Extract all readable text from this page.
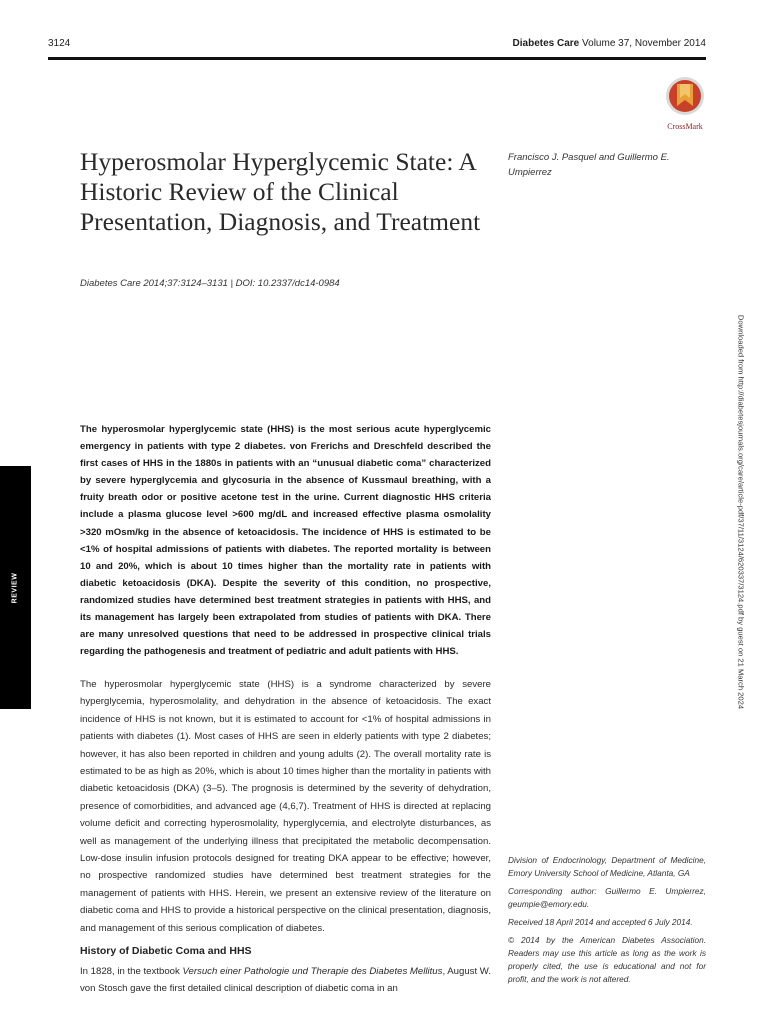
3124	Diabetes Care Volume 37, November 2014
CrossMark
Hyperosmolar Hyperglycemic State: A Historic Review of the Clinical Presentation, Diagnosis, and Treatment
Diabetes Care 2014;37:3124–3131 | DOI: 10.2337/dc14-0984
Francisco J. Pasquel and Guillermo E. Umpierrez
REVIEW	Downloaded from http://diabetesjournals.org/care/article-pdf/37/11/3124/620337/3124.pdf by guest on 21 March 2024

The hyperosmolar hyperglycemic state (HHS) is the most serious acute hyperglycemic emergency in patients with type 2 diabetes. von Frerichs and Dreschfeld described the first cases of HHS in the 1880s in patients with an “unusual diabetic coma” characterized by severe hyperglycemia and glycosuria in the absence of Kussmaul breathing, with a fruity breath odor or positive acetone test in the urine. Current diagnostic HHS criteria include a plasma glucose level >600 mg/dL and increased effective plasma osmolality >320 mOsm/kg in the absence of ketoacidosis. The incidence of HHS is estimated to be <1% of hospital admissions of patients with diabetes. The reported mortality is between 10 and 20%, which is about 10 times higher than the mortality rate in patients with diabetic ketoacidosis (DKA). Despite the severity of this condition, no prospective, randomized studies have determined best treatment strategies in patients with HHS, and its management has largely been extrapolated from studies of patients with DKA. There are many unresolved questions that need to be addressed in prospective clinical trials regarding the pathogenesis and treatment of pediatric and adult patients with HHS.

The hyperosmolar hyperglycemic state (HHS) is a syndrome characterized by severe hyperglycemia, hyperosmolality, and dehydration in the absence of ketoacidosis. The exact incidence of HHS is not known, but it is estimated to account for <1% of hospital admissions in patients with diabetes (1). Most cases of HHS are seen in elderly patients with type 2 diabetes; however, it has also been reported in children and young adults (2). The overall mortality rate is estimated to be as high as 20%, which is about 10 times higher than the mortality in patients with diabetic ketoacidosis (DKA) (3–5). The prognosis is determined by the severity of dehydration, presence of comorbidities, and advanced age (4,6,7). Treatment of HHS is directed at replacing volume deficit and correcting hyperosmolality, hyperglycemia, and electrolyte disturbances, as well as management of the underlying illness that precipitated the metabolic decompensation. Low-dose insulin infusion protocols designed for treating DKA appear to be effective; however, no prospective randomized studies have determined best treatment strategies for the management of patients with HHS. Herein, we present an extensive review of the literature on diabetic coma and HHS to provide a historical perspective on the clinical presentation, diagnosis, and management of this serious complication of diabetes.

History of Diabetic Coma and HHS

In 1828, in the textbook Versuch einer Pathologie und Therapie des Diabetes Mellitus, August W. von Stosch gave the first detailed clinical description of diabetic coma in an

Division of Endocrinology, Department of Medicine, Emory University School of Medicine, Atlanta, GA

Corresponding author: Guillermo E. Umpierrez, geumpie@emory.edu.

Received 18 April 2014 and accepted 6 July 2014.

© 2014 by the American Diabetes Association. Readers may use this article as long as the work is properly cited, the use is educational and not for profit, and the work is not altered.
